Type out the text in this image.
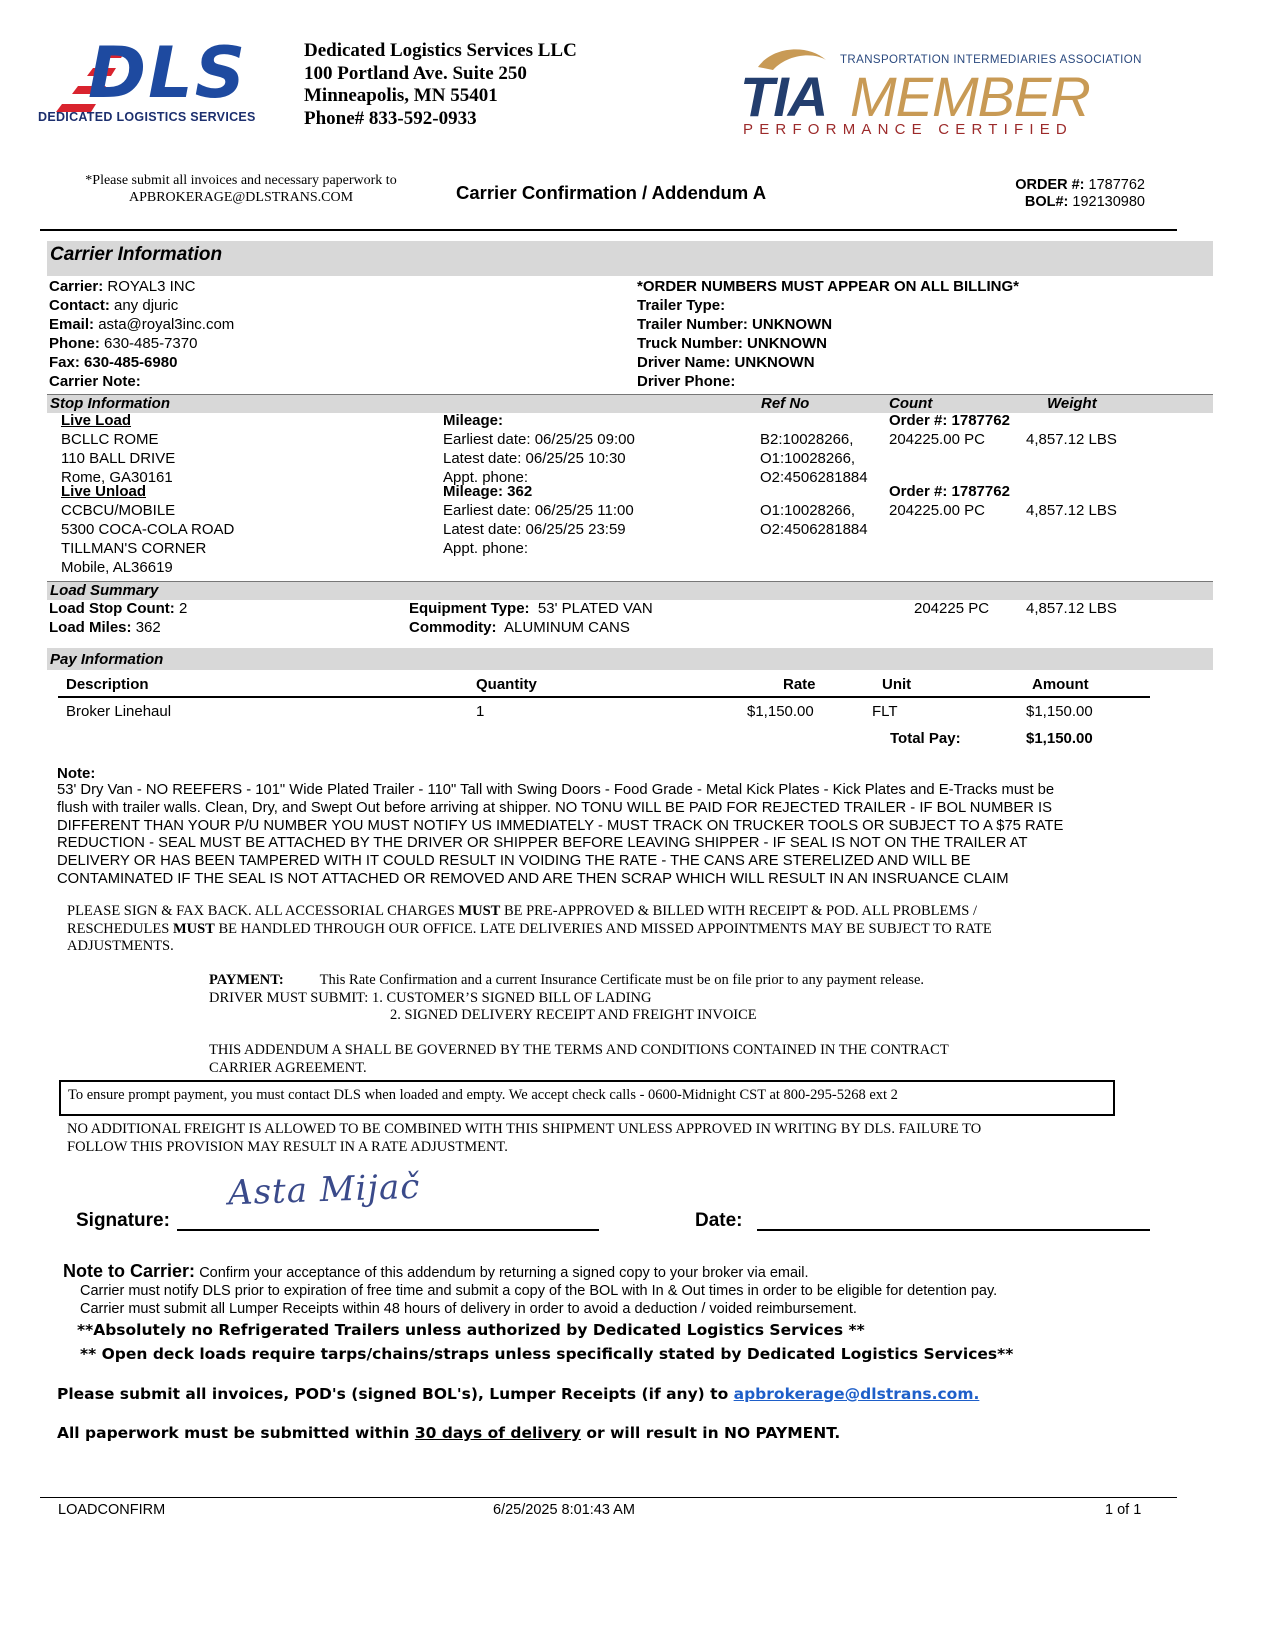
DLS
DEDICATED LOGISTICS SERVICES
Dedicated Logistics Services LLC
100 Portland Ave. Suite 250
Minneapolis, MN 55401
Phone# 833-592-0933
TRANSPORTATION INTERMEDIARIES ASSOCIATION
TIA MEMBER
PERFORMANCE CERTIFIED
*Please submit all invoices and necessary paperwork to
APBROKERAGE@DLSTRANS.COM	Carrier Confirmation / Addendum A	ORDER #: 1787762
BOL#: 192130980
Carrier Information
Carrier: ROYAL3 INC
Contact: any djuric
Email: asta@royal3inc.com
Phone: 630-485-7370
Fax: 630-485-6980
Carrier Note:
*ORDER NUMBERS MUST APPEAR ON ALL BILLING*
Trailer Type:
Trailer Number: UNKNOWN
Truck Number: UNKNOWN
Driver Name: UNKNOWN
Driver Phone:
Stop Information	Ref No	Count	Weight
Live Load
BCLLC ROME
110 BALL DRIVE
Rome, GA30161
Mileage:
Earliest date: 06/25/25 09:00
Latest date: 06/25/25 10:30
Appt. phone:
B2:10028266,
O1:10028266,
O2:4506281884
Order #: 1787762
204225.00 PC	4,857.12 LBS
Live Unload
CCBCU/MOBILE
5300 COCA-COLA ROAD
TILLMAN'S CORNER
Mobile, AL36619
Mileage: 362
Earliest date: 06/25/25 11:00
Latest date: 06/25/25 23:59
Appt. phone:
O1:10028266,
O2:4506281884
Order #: 1787762
204225.00 PC	4,857.12 LBS
Load Summary
Load Stop Count: 2
Load Miles: 362
Equipment Type: 53' PLATED VAN
Commodity: ALUMINUM CANS
204225 PC 4,857.12 LBS
Pay Information
Description	Quantity	Rate	Unit	Amount
Broker Linehaul	1	$1,150.00	FLT	$1,150.00
Total Pay:	$1,150.00
Note:
53' Dry Van - NO REEFERS - 101" Wide Plated Trailer - 110" Tall with Swing Doors - Food Grade - Metal Kick Plates - Kick Plates and E-Tracks must be
flush with trailer walls. Clean, Dry, and Swept Out before arriving at shipper. NO TONU WILL BE PAID FOR REJECTED TRAILER - IF BOL NUMBER IS
DIFFERENT THAN YOUR P/U NUMBER YOU MUST NOTIFY US IMMEDIATELY - MUST TRACK ON TRUCKER TOOLS OR SUBJECT TO A $75 RATE
REDUCTION - SEAL MUST BE ATTACHED BY THE DRIVER OR SHIPPER BEFORE LEAVING SHIPPER - IF SEAL IS NOT ON THE TRAILER AT
DELIVERY OR HAS BEEN TAMPERED WITH IT COULD RESULT IN VOIDING THE RATE - THE CANS ARE STERELIZED AND WILL BE
CONTAMINATED IF THE SEAL IS NOT ATTACHED OR REMOVED AND ARE THEN SCRAP WHICH WILL RESULT IN AN INSRUANCE CLAIM
PLEASE SIGN & FAX BACK. ALL ACCESSORIAL CHARGES MUST BE PRE-APPROVED & BILLED WITH RECEIPT & POD. ALL PROBLEMS /
RESCHEDULES MUST BE HANDLED THROUGH OUR OFFICE. LATE DELIVERIES AND MISSED APPOINTMENTS MAY BE SUBJECT TO RATE
ADJUSTMENTS.
PAYMENT: This Rate Confirmation and a current Insurance Certificate must be on file prior to any payment release.
DRIVER MUST SUBMIT: 1. CUSTOMER’S SIGNED BILL OF LADING
2. SIGNED DELIVERY RECEIPT AND FREIGHT INVOICE
THIS ADDENDUM A SHALL BE GOVERNED BY THE TERMS AND CONDITIONS CONTAINED IN THE CONTRACT
CARRIER AGREEMENT.
To ensure prompt payment, you must contact DLS when loaded and empty. We accept check calls - 0600-Midnight CST at 800-295-5268 ext 2
NO ADDITIONAL FREIGHT IS ALLOWED TO BE COMBINED WITH THIS SHIPMENT UNLESS APPROVED IN WRITING BY DLS. FAILURE TO
FOLLOW THIS PROVISION MAY RESULT IN A RATE ADJUSTMENT.
Signature:
Asta Mijač
Date:
Note to Carrier: Confirm your acceptance of this addendum by returning a signed copy to your broker via email.
Carrier must notify DLS prior to expiration of free time and submit a copy of the BOL with In & Out times in order to be eligible for detention pay.
Carrier must submit all Lumper Receipts within 48 hours of delivery in order to avoid a deduction / voided reimbursement.
**Absolutely no Refrigerated Trailers unless authorized by Dedicated Logistics Services **
** Open deck loads require tarps/chains/straps unless specifically stated by Dedicated Logistics Services**
Please submit all invoices, POD's (signed BOL's), Lumper Receipts (if any) to apbrokerage@dlstrans.com.
All paperwork must be submitted within 30 days of delivery or will result in NO PAYMENT.
LOADCONFIRM	6/25/2025 8:01:43 AM	1 of 1
